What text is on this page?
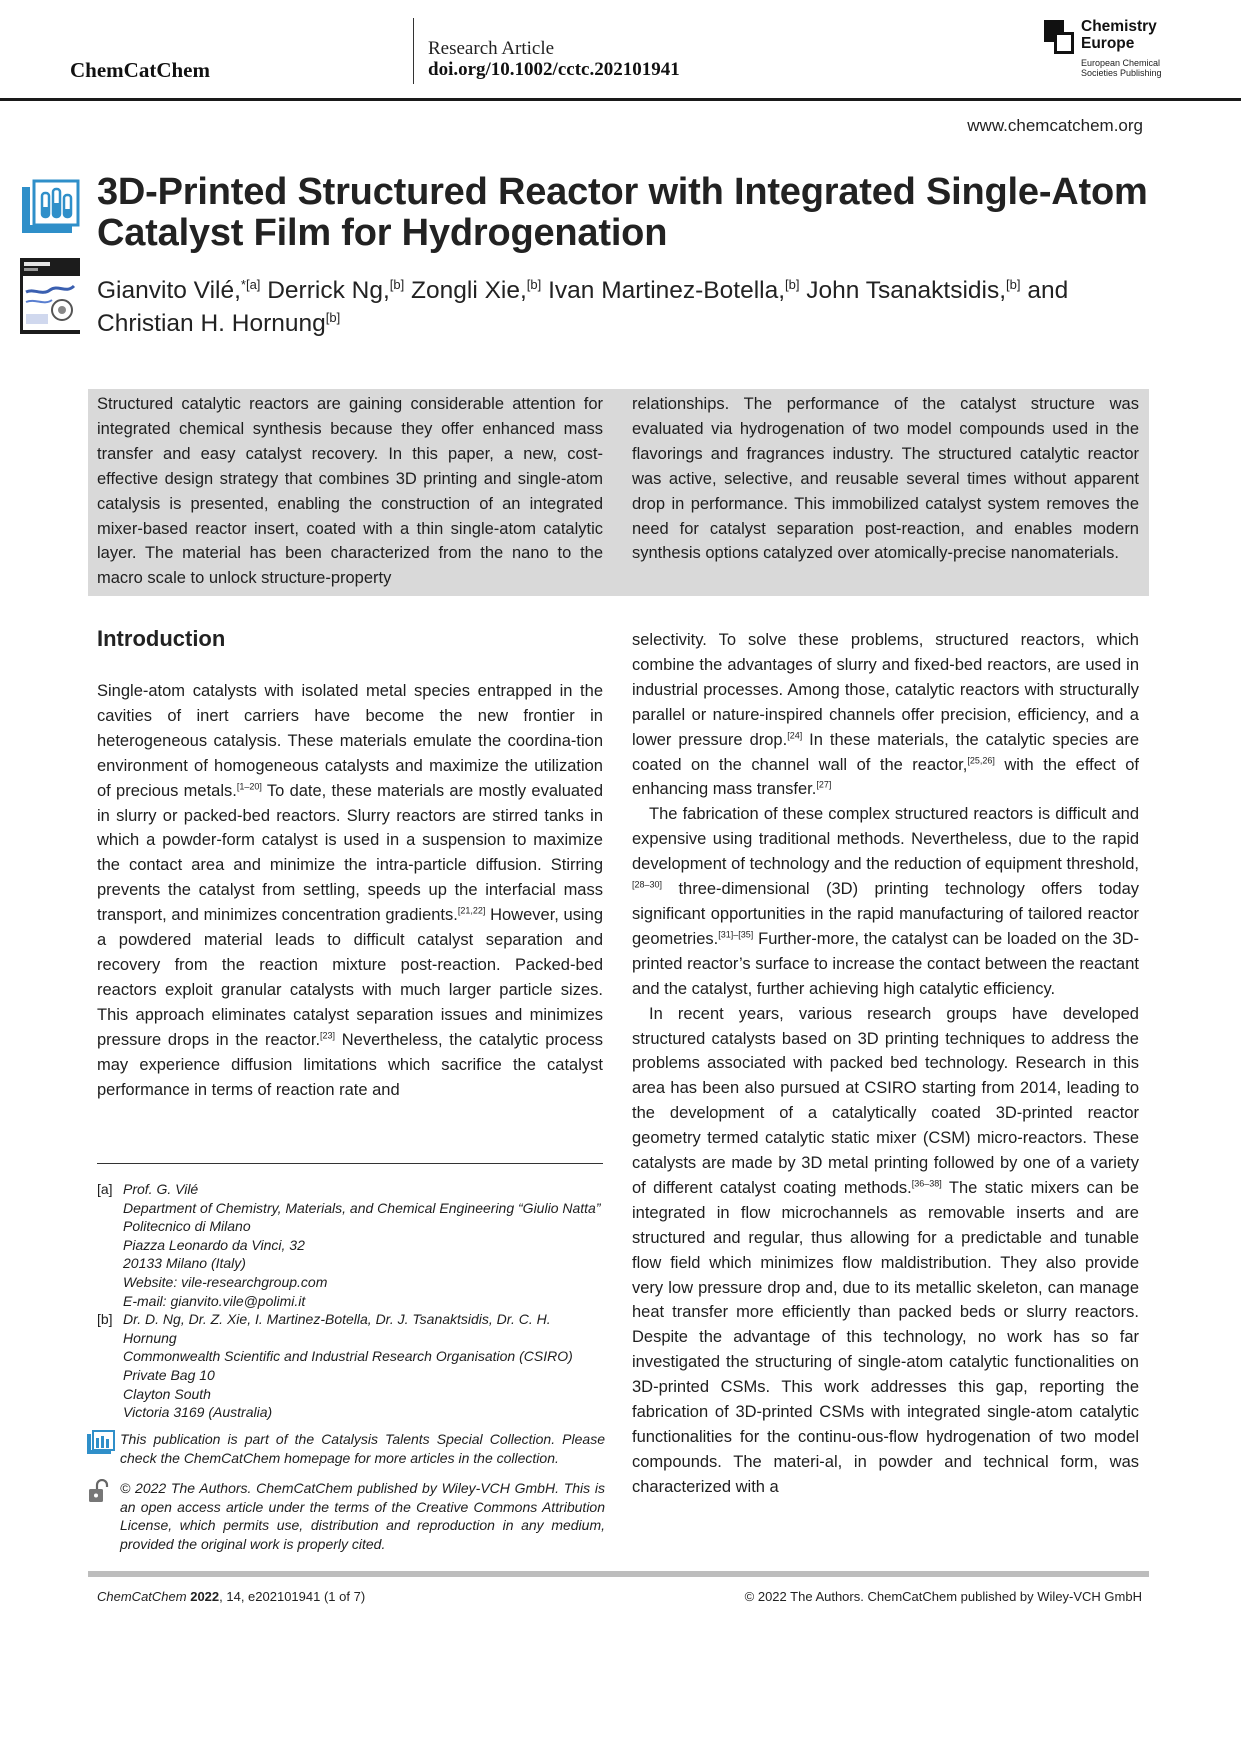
ChemCatChem
Research Article
doi.org/10.1002/cctc.202101941
Chemistry
Europe
European Chemical
Societies Publishing
www.chemcatchem.org
3D-Printed Structured Reactor with Integrated Single-Atom Catalyst Film for Hydrogenation
Gianvito Vilé,$^{*[a]}$ Derrick Ng,[b] Zongli Xie,[b] Ivan Martinez-Botella,[b] John Tsanaktsidis,[b] and Christian H. Hornung[b]

Structured catalytic reactors are gaining considerable attention for integrated chemical synthesis because they offer enhanced mass transfer and easy catalyst recovery. In this paper, a new, cost-effective design strategy that combines 3D printing and single-atom catalysis is presented, enabling the construction of an integrated mixer-based reactor insert, coated with a thin single-atom catalytic layer. The material has been characterized from the nano to the macro scale to unlock structure-property

relationships. The performance of the catalyst structure was evaluated via hydrogenation of two model compounds used in the flavorings and fragrances industry. The structured catalytic reactor was active, selective, and reusable several times without apparent drop in performance. This immobilized catalyst system removes the need for catalyst separation post-reaction, and enables modern synthesis options catalyzed over atomically-precise nanomaterials.

Introduction

Single-atom catalysts with isolated metal species entrapped in the cavities of inert carriers have become the new frontier in heterogeneous catalysis. These materials emulate the coordina-tion environment of homogeneous catalysts and maximize the utilization of precious metals.[1–20] To date, these materials are mostly evaluated in slurry or packed-bed reactors. Slurry reactors are stirred tanks in which a powder-form catalyst is used in a suspension to maximize the contact area and minimize the intra-particle diffusion. Stirring prevents the catalyst from settling, speeds up the interfacial mass transport, and minimizes concentration gradients.[21,22] However, using a powdered material leads to difficult catalyst separation and recovery from the reaction mixture post-reaction. Packed-bed reactors exploit granular catalysts with much larger particle sizes. This approach eliminates catalyst separation issues and minimizes pressure drops in the reactor.[23] Nevertheless, the catalytic process may experience diffusion limitations which sacrifice the catalyst performance in terms of reaction rate and

selectivity. To solve these problems, structured reactors, which combine the advantages of slurry and fixed-bed reactors, are used in industrial processes. Among those, catalytic reactors with structurally parallel or nature-inspired channels offer precision, efficiency, and a lower pressure drop.[24] In these materials, the catalytic species are coated on the channel wall of the reactor,[25,26] with the effect of enhancing mass transfer.[27]

The fabrication of these complex structured reactors is difficult and expensive using traditional methods. Nevertheless, due to the rapid development of technology and the reduction of equipment threshold,[28–30] three-dimensional (3D) printing technology offers today significant opportunities in the rapid manufacturing of tailored reactor geometries.[31]–[35] Further-more, the catalyst can be loaded on the 3D-printed reactor’s surface to increase the contact between the reactant and the catalyst, further achieving high catalytic efficiency.

In recent years, various research groups have developed structured catalysts based on 3D printing techniques to address the problems associated with packed bed technology. Research in this area has been also pursued at CSIRO starting from 2014, leading to the development of a catalytically coated 3D-printed reactor geometry termed catalytic static mixer (CSM) micro-reactors. These catalysts are made by 3D metal printing followed by one of a variety of different catalyst coating methods.[36–38] The static mixers can be integrated in flow microchannels as removable inserts and are structured and regular, thus allowing for a predictable and tunable flow field which minimizes flow maldistribution. They also provide very low pressure drop and, due to its metallic skeleton, can manage heat transfer more efficiently than packed beds or slurry reactors. Despite the advantage of this technology, no work has so far investigated the structuring of single-atom catalytic functionalities on 3D-printed CSMs. This work addresses this gap, reporting the fabrication of 3D-printed CSMs with integrated single-atom catalytic functionalities for the continu-ous-flow hydrogenation of two model compounds. The materi-al, in powder and technical form, was characterized with a

[a] Prof. G. Vilé
Department of Chemistry, Materials, and Chemical Engineering “Giulio Natta”
Politecnico di Milano
Piazza Leonardo da Vinci, 32
20133 Milano (Italy)
Website: vile-researchgroup.com
E-mail: gianvito.vile@polimi.it
[b] Dr. D. Ng, Dr. Z. Xie, I. Martinez-Botella, Dr. J. Tsanaktsidis, Dr. C. H. Hornung
Commonwealth Scientific and Industrial Research Organisation (CSIRO)
Private Bag 10
Clayton South
Victoria 3169 (Australia)
This publication is part of the Catalysis Talents Special Collection. Please check the ChemCatChem homepage for more articles in the collection.
© 2022 The Authors. ChemCatChem published by Wiley-VCH GmbH. This is an open access article under the terms of the Creative Commons Attribution License, which permits use, distribution and reproduction in any medium, provided the original work is properly cited.
ChemCatChem 2022, 14, e202101941 (1 of 7)	© 2022 The Authors. ChemCatChem published by Wiley-VCH GmbH
